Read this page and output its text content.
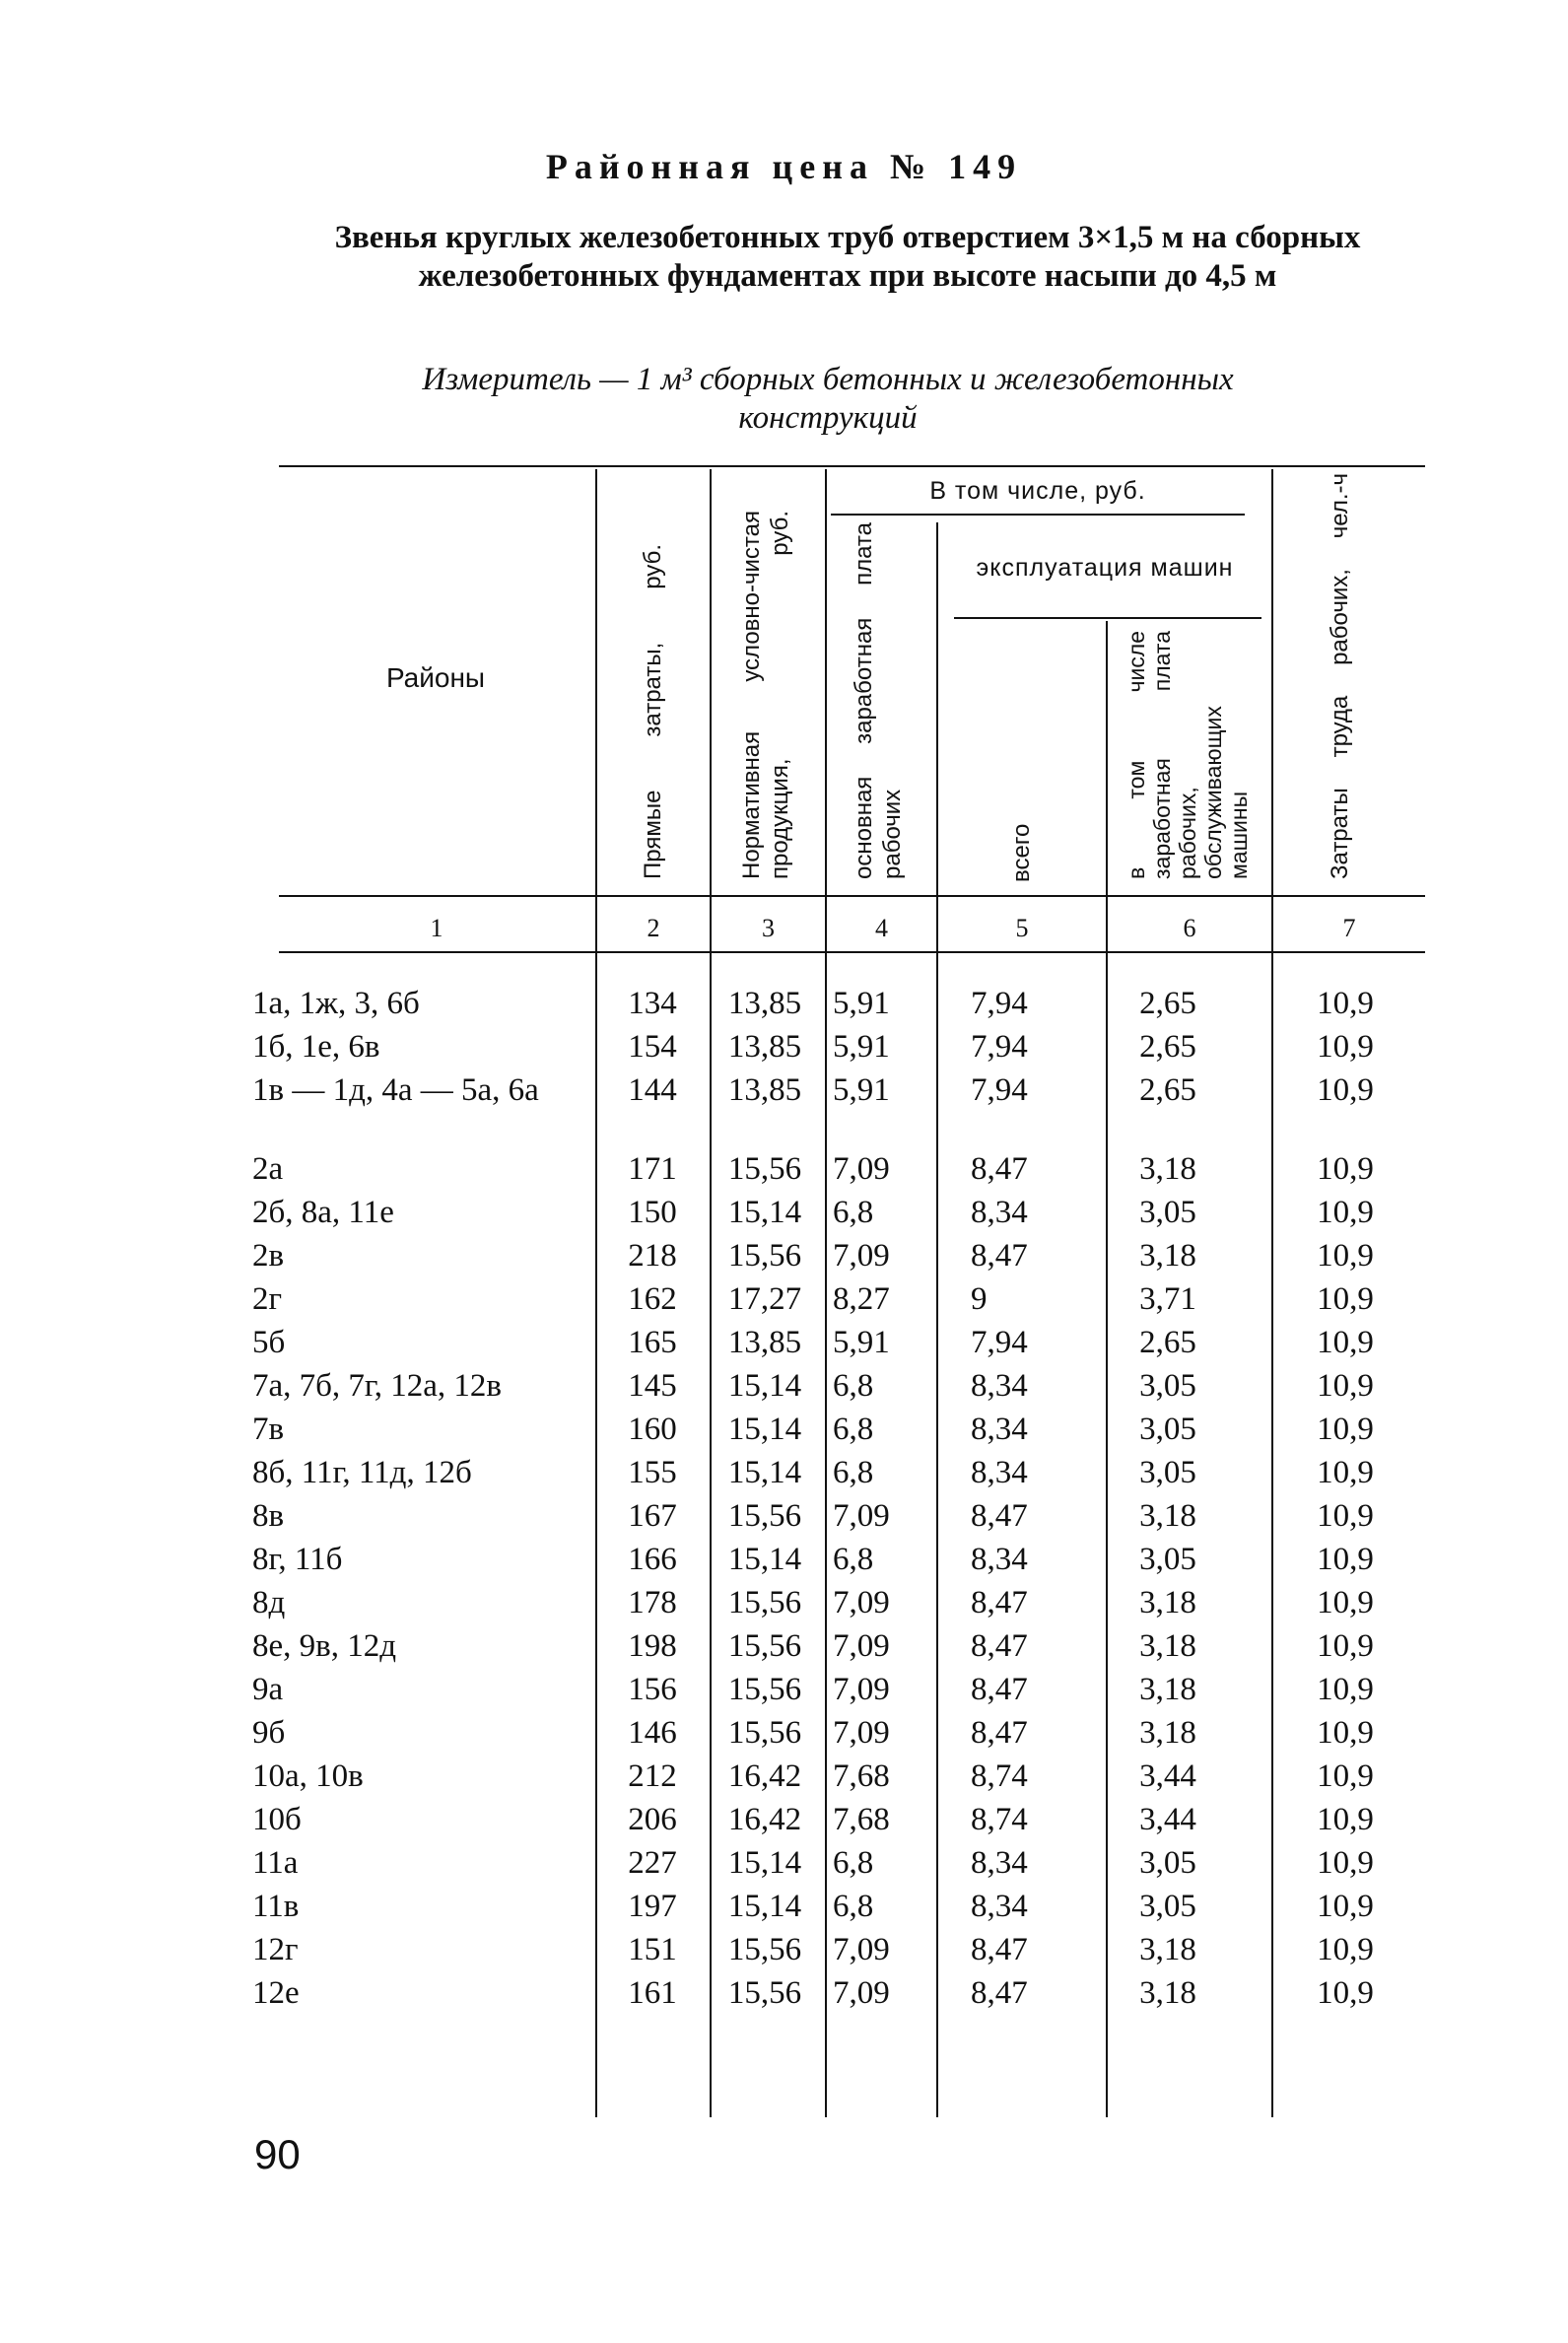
Районная цена № 149
Звенья круглых железобетонных труб отверстием 3×1,5 м на сборных железобетонных фундаментах при высоте насыпи до 4,5 м
Измеритель — 1 м³ сборных бетонных и железобетонных конструкций
Районы	Прямые затраты, руб.	Нормативная условно-чистая продукция, руб.
В том числе, руб.
основная заработная плата рабочих
эксплуатация машин
всего	в том числе заработная плата рабочих, обслуживающих машины	Затраты труда рабочих, чел.-ч
1	2	3	4	5	6	7
1а, 1ж, 3, 6б	134	13,85 5,91	7,94	2,65	10,9
1б, 1е, 6в	154	13,85 5,91	7,94	2,65	10,9
1в — 1д, 4а — 5а, 6а	144	13,85 5,91	7,94	2,65	10,9
2а	171	15,56 7,09	8,47	3,18	10,9
2б, 8а, 11е	150	15,14 6,8	8,34	3,05	10,9
2в	218	15,56 7,09	8,47	3,18	10,9
2г	162	17,27 8,27	9	3,71	10,9
5б	165	13,85 5,91	7,94	2,65	10,9
7а, 7б, 7г, 12а, 12в	145	15,14 6,8	8,34	3,05	10,9
7в	160	15,14 6,8	8,34	3,05	10,9
8б, 11г, 11д, 12б	155	15,14 6,8	8,34	3,05	10,9
8в	167	15,56 7,09	8,47	3,18	10,9
8г, 11б	166	15,14 6,8	8,34	3,05	10,9
8д	178	15,56 7,09	8,47	3,18	10,9
8е, 9в, 12д	198	15,56 7,09	8,47	3,18	10,9
9а	156	15,56 7,09	8,47	3,18	10,9
9б	146	15,56 7,09	8,47	3,18	10,9
10а, 10в	212	16,42 7,68	8,74	3,44	10,9
10б	206	16,42 7,68	8,74	3,44	10,9
11а	227	15,14 6,8	8,34	3,05	10,9
11в	197	15,14 6,8	8,34	3,05	10,9
12г	151	15,56 7,09	8,47	3,18	10,9
12е	161	15,56 7,09	8,47	3,18	10,9
90
